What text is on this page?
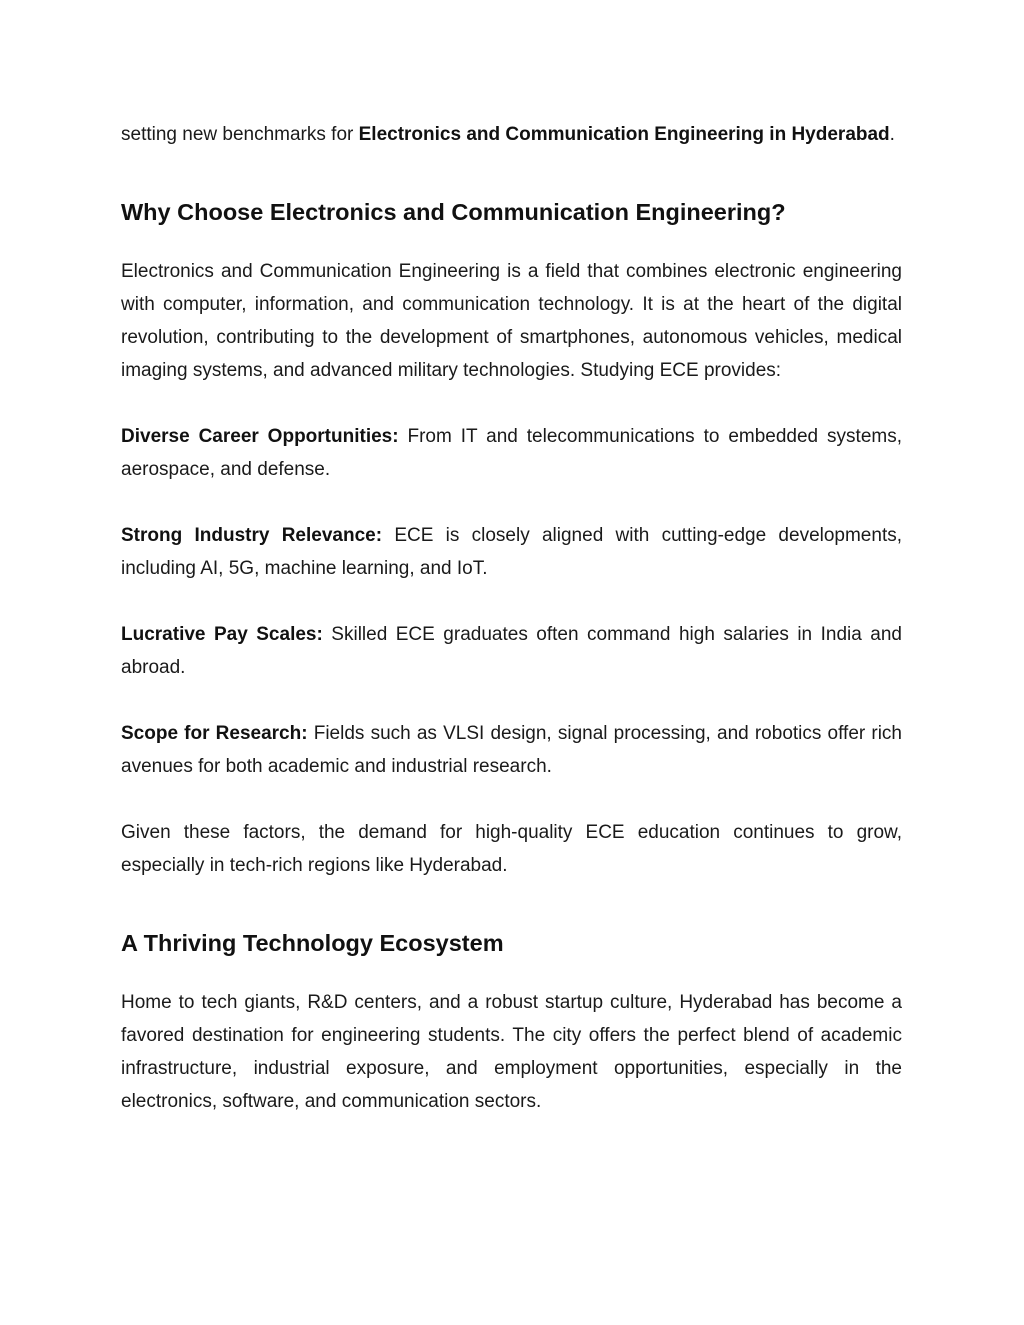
setting new benchmarks for Electronics and Communication Engineering in Hyderabad.

Why Choose Electronics and Communication Engineering?

Electronics and Communication Engineering is a field that combines electronic engineering with computer, information, and communication technology. It is at the heart of the digital revolution, contributing to the development of smartphones, autonomous vehicles, medical imaging systems, and advanced military technologies. Studying ECE provides:

Diverse Career Opportunities: From IT and telecommunications to embedded systems, aerospace, and defense.

Strong Industry Relevance: ECE is closely aligned with cutting-edge developments, including AI, 5G, machine learning, and IoT.

Lucrative Pay Scales: Skilled ECE graduates often command high salaries in India and abroad.

Scope for Research: Fields such as VLSI design, signal processing, and robotics offer rich avenues for both academic and industrial research.

Given these factors, the demand for high-quality ECE education continues to grow, especially in tech-rich regions like Hyderabad.

A Thriving Technology Ecosystem

Home to tech giants, R&D centers, and a robust startup culture, Hyderabad has become a favored destination for engineering students. The city offers the perfect blend of academic infrastructure, industrial exposure, and employment opportunities, especially in the electronics, software, and communication sectors.
